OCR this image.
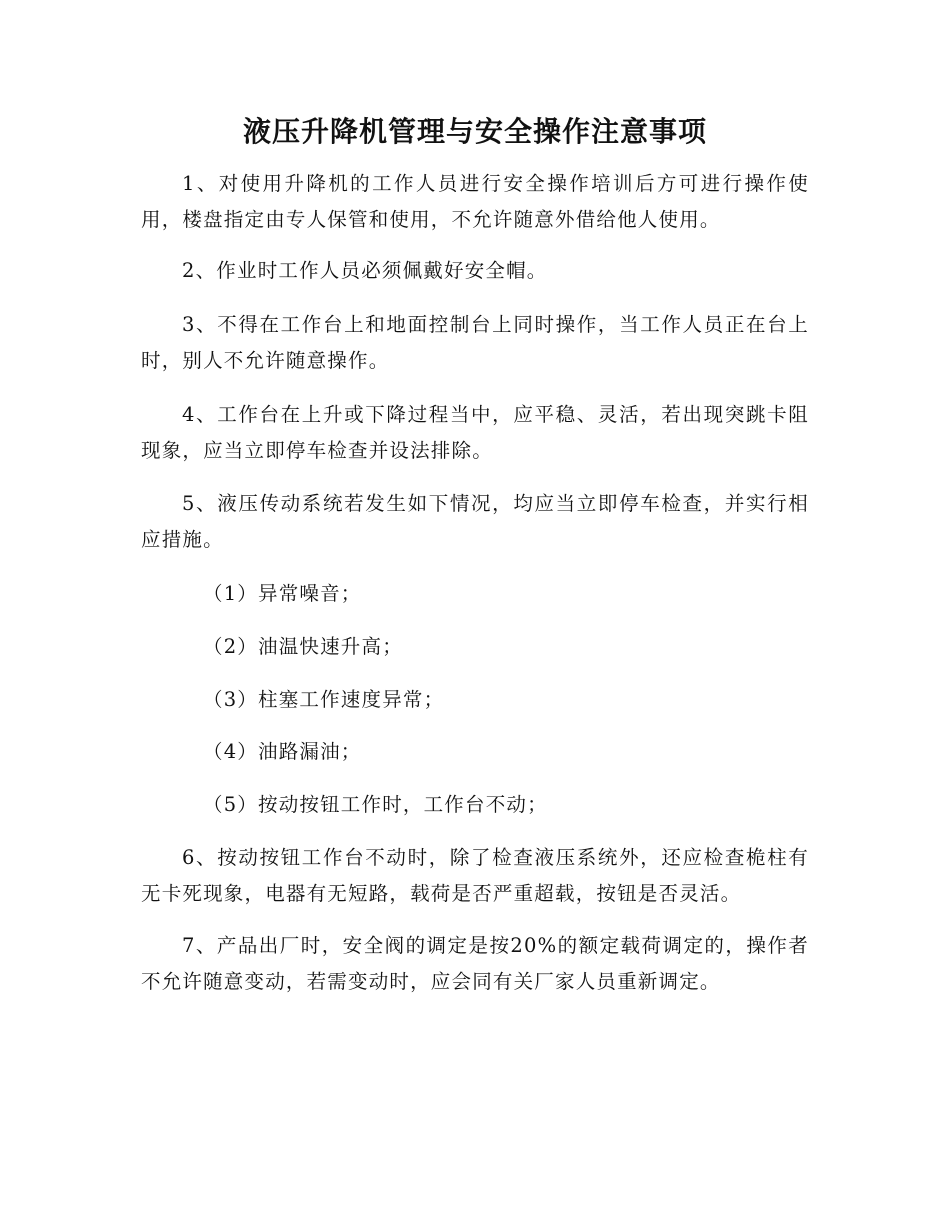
液压升降机管理与安全操作注意事项

1、对使用升降机的工作人员进行安全操作培训后方可进行操作使用，楼盘指定由专人保管和使用，不允许随意外借给他人使用。

2、作业时工作人员必须佩戴好安全帽。

3、不得在工作台上和地面控制台上同时操作，当工作人员正在台上时，别人不允许随意操作。

4、工作台在上升或下降过程当中，应平稳、灵活，若出现突跳卡阻现象，应当立即停车检查并设法排除。

5、液压传动系统若发生如下情况，均应当立即停车检查，并实行相应措施。

（1）异常噪音；

（2）油温快速升高；

（3）柱塞工作速度异常；

（4）油路漏油；

（5）按动按钮工作时，工作台不动；

6、按动按钮工作台不动时，除了检查液压系统外，还应检查桅柱有无卡死现象，电器有无短路，载荷是否严重超载，按钮是否灵活。

7、产品出厂时，安全阀的调定是按20%的额定载荷调定的，操作者不允许随意变动，若需变动时，应会同有关厂家人员重新调定。
